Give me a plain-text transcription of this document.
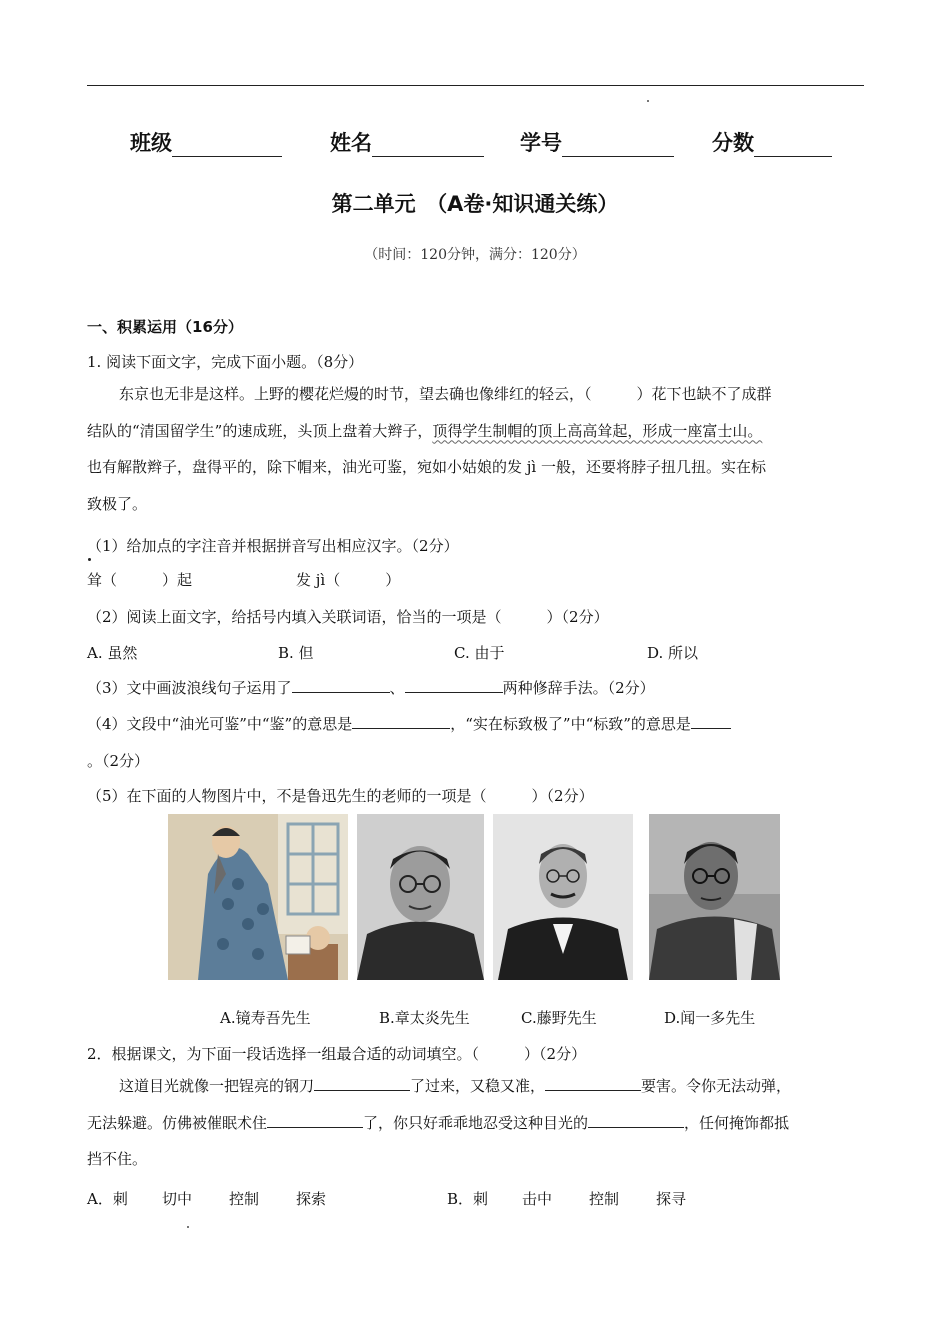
班级	姓名	学号	分数
第二单元　（A卷·知识通关练）
（时间：120分钟，满分：120分）
一、积累运用（16分）
1. 阅读下面文字，完成下面小题。（8分）
东京也无非是这样。上野的樱花烂熳的时节，望去确也像绯红的轻云，（　　　）花下也缺不了成群
结队的“清国留学生”的速成班，头顶上盘着大辫子，顶得学生制帽的顶上高高耸起，形成一座富士山。
也有解散辫子，盘得平的，除下帽来，油光可鉴，宛如小姑娘的发 jì 一般，还要将脖子扭几扭。实在标
致极了。
（1）给加点的字注音并根据拼音写出相应汉字。（2分）
耸（　　　）起	发 jì（　　　）
（2）阅读上面文字，给括号内填入关联词语，恰当的一项是（　　　）（2分）
A. 虽然	B. 但	C. 由于	D. 所以
（3）文中画波浪线句子运用了	、	两种修辞手法。（2分）
（4）文段中“油光可鉴”中“鉴”的意思是	，“实在标致极了”中“标致”的意思是
。（2分）
（5）在下面的人物图片中，不是鲁迅先生的老师的一项是（　　　）（2分）
A.镜寿吾先生	B.章太炎先生	C.藤野先生	D.闻一多先生
2．根据课文，为下面一段话选择一组最合适的动词填空。（　　　）（2分）
这道目光就像一把锃亮的钢刀	了过来，又稳又准，	要害。令你无法动弹，
无法躲避。仿佛被催眠术住	了，你只好乖乖地忍受这种目光的	，任何掩饰都抵
挡不住。
A．刺 切中 控制 探索	B．刺 击中 控制 探寻
